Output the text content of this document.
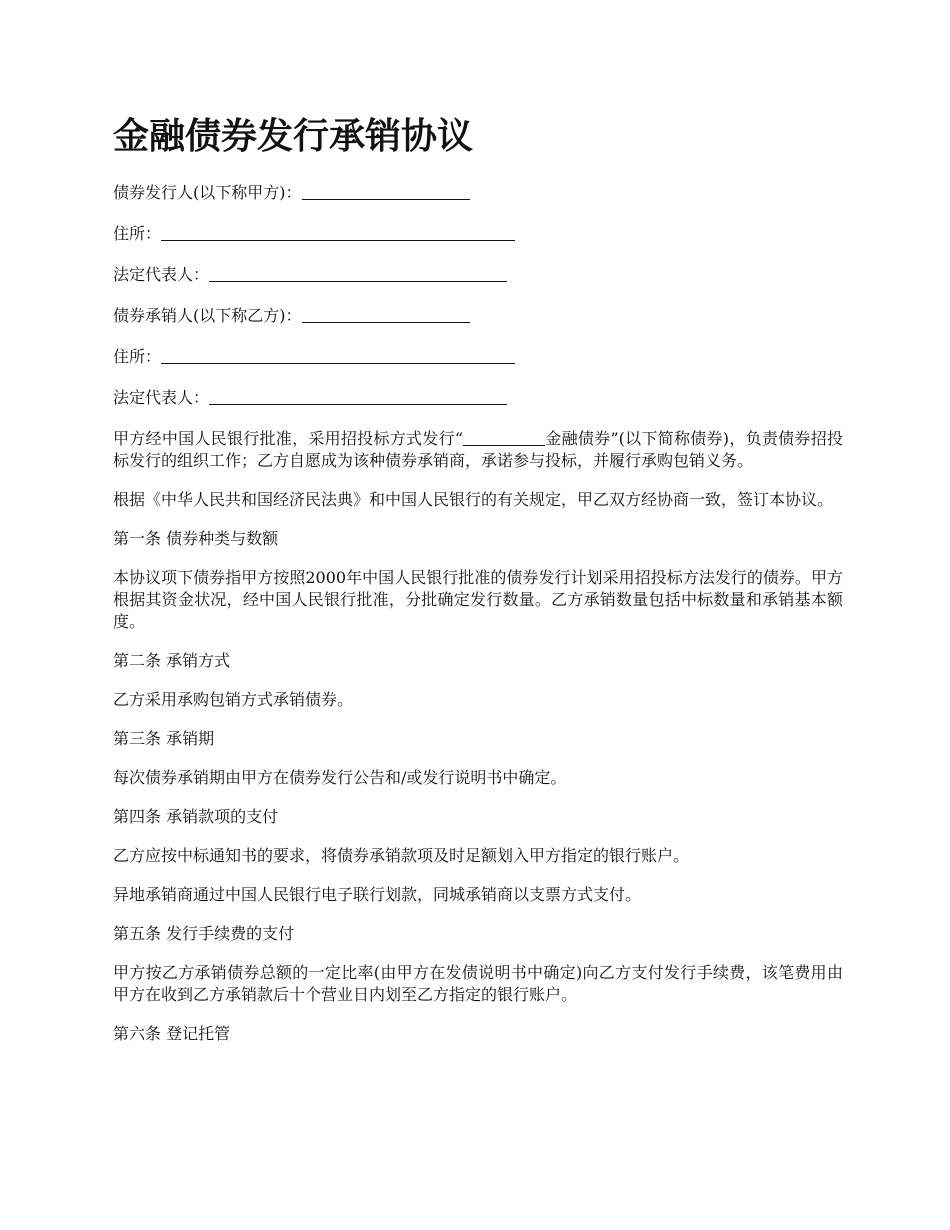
金融债券发行承销协议

债券发行人(以下称甲方)：

住所：

法定代表人：

债券承销人(以下称乙方)：

住所：

法定代表人：

甲方经中国人民银行批准，采用招投标方式发行“	金融债券”(以下简称债券)，负责债券招投标发行的组织工作；乙方自愿成为该种债券承销商，承诺参与投标，并履行承购包销义务。

根据《中华人民共和国经济民法典》和中国人民银行的有关规定，甲乙双方经协商一致，签订本协议。

第一条 债券种类与数额

本协议项下债券指甲方按照2000年中国人民银行批准的债券发行计划采用招投标方法发行的债券。甲方根据其资金状况，经中国人民银行批准，分批确定发行数量。乙方承销数量包括中标数量和承销基本额度。

第二条 承销方式

乙方采用承购包销方式承销债券。

第三条 承销期

每次债券承销期由甲方在债券发行公告和/或发行说明书中确定。

第四条 承销款项的支付

乙方应按中标通知书的要求，将债券承销款项及时足额划入甲方指定的银行账户。

异地承销商通过中国人民银行电子联行划款，同城承销商以支票方式支付。

第五条 发行手续费的支付

甲方按乙方承销债券总额的一定比率(由甲方在发债说明书中确定)向乙方支付发行手续费，该笔费用由甲方在收到乙方承销款后十个营业日内划至乙方指定的银行账户。

第六条 登记托管
